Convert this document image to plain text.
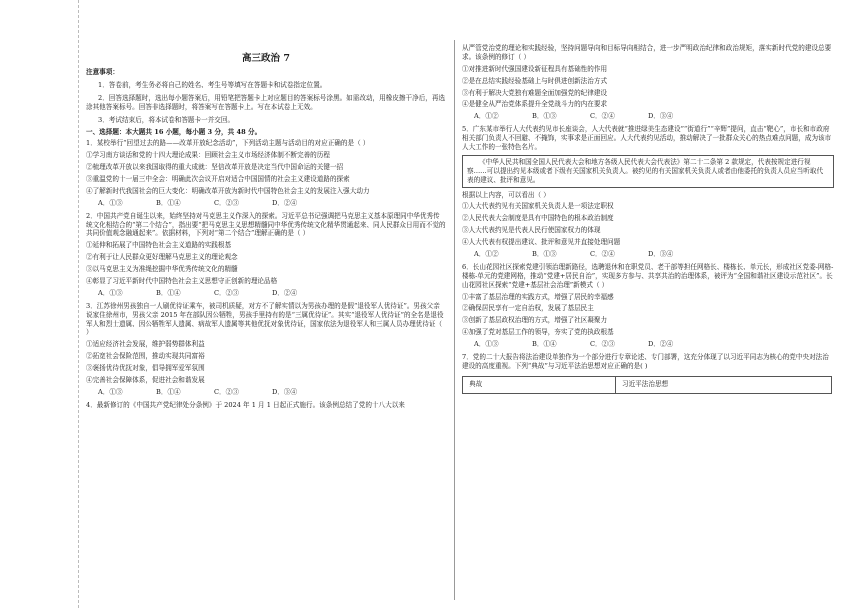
高三政治 7

注意事项：

1．答卷前，考生务必将自己的姓名、考生号等填写在答题卡和试卷指定位置。

2．回答选择题时，选出每小题答案后，用铅笔把答题卡上对应题目的答案标号涂黑。如需改动，用橡皮擦干净后，再选涂其他答案标号。回答非选择题时，将答案写在答题卡上。写在本试卷上无效。

3．考试结束后，将本试卷和答题卡一并交回。

一、选择题：本大题共 16 小题，每小题 3 分，共 48 分。

1．某校举行“回望过去的路——改革开放纪念活动”，下列活动主题与活动目的对应正确的是（ ）

①学习南方谈话和党的十四大理论成果：回顾社会主义市场经济体制不断完善的历程

②梳理改革开放以来我国取得的重大成就：坚信改革开放是决定当代中国命运的关键一招

③重温党的十一届三中全会：明确此次会议开启对适合中国国情的社会主义建设道路的探索

④了解新时代我国社会的巨大变化：明确改革开放为新时代中国特色社会主义的发展注入强大动力

A．①③	B．①④	C．②③	D．②④

2．中国共产党自诞生以来，始终坚持对马克思主义作深入的探索。习近平总书记强调把马克思主义基本原理同中华优秀传统文化相结合的“第二个结合”，指出要“把马克思主义思想精髓同中华优秀传统文化精华贯通起来、同人民群众日用而不觉的共同价值观念融通起来”。依据材料，下列对“第二个结合”理解正确的是（ ）

①延伸和拓展了中国特色社会主义道路的实践根基

②有利于让人民群众更好理解马克思主义的理论观念

③以马克思主义为准绳挖掘中华优秀传统文化的精髓

④彰显了习近平新时代中国特色社会主义思想守正创新的理论品格

A．①③	B．①④	C．②③	D．②④

3．江苏徐州男孩独自一人刷优待证乘车，被司机质疑，对方不了解实情以为男孩办理的是假“退役军人优待证”。男孩父亲说家住徐州市，男孩父亲 2015 年在部队因公牺牲，男孩手里持有的是“三属优待证”。其实“退役军人优待证”的全名是退役军人和烈士遗属、因公牺牲军人遗属、病故军人遗属等其他优抚对象优待证，国家依法为退役军人和三属人员办理优待证（ ）

①适应经济社会发展，维护弱势群体利益

②拓宽社会保险范围，推动实现共同富裕

③褒扬优待优抚对象，倡导拥军爱军氛围

④完善社会保障体系，促进社会和谐发展

A．①③	B．①④	C．②③	D．③④

4．最新修订的《中国共产党纪律处分条例》于 2024 年 1 月 1 日起正式施行。该条例总结了党的十八大以来

从严管党治党的理论和实践经验，坚持问题导向和目标导向相结合，进一步严明政治纪律和政治规矩，落实新时代党的建设总要求。该条例的修订（ ）

①对推进新时代强国建设新征程具有基础性的作用

②是在总结实践经验基础上与时俱进创新法治方式

③有利于解决大党独有难题全面加强党的纪律建设

④是健全从严治党体系提升全党战斗力的内在要求

A．①②	B．①③	C．②④	D．③④

5．广东某市举行人大代表约见市长座谈会，人大代表就“推进绿美生态建设”“街道行”“辛辉”提问，直击“靶心”，市长和市政府相关部门负责人不回避、不掩饰，实事求是正面回应。人大代表约见活动，推动解决了一批群众关心的热点难点问题，成为该市人大工作的一张特色名片。

《中华人民共和国全国人民代表大会和地方各级人民代表大会代表法》第二十二条第 2 款规定，代表按规定进行视察……可以提出约见本级或者下级有关国家机关负责人。被约见的有关国家机关负责人或者由他委托的负责人员应当听取代表的建议、批评和意见。

根据以上内容，可以看出（ ）

①人大代表约见有关国家机关负责人是一项法定职权

②人民代表大会制度是具有中国特色的根本政治制度

③人大代表约见是代表人民行使国家权力的体现

④人大代表有权提出建议、批评和意见并直接处理问题

A．①②	B．①③	C．②④	D．③④

6．长山花园社区探索党建引领治理新路径，选聘退休和在职党员、老干部等担任网格长、楼栋长、单元长，形成社区党委-网格-楼栋-单元的党建网格，推动“党建+居民自治”，实现多方参与、共享共治的治理体系，被评为“全国和谐社区建设示范社区”。长山花园社区探索“党建+基层社会治理”新模式（ ）

①丰富了基层治理的实践方式，增强了居民的幸福感

②确保居民享有一定自治权，发展了基层民主

③创新了基层政权治理的方式，增强了社区凝聚力

④加强了党对基层工作的领导，夯实了党的执政根基

A．①③	B．①④	C．②③	D．②④

7．党的二十大报告将法治建设单独作为一个部分进行专章论述、专门部署，这充分体现了以习近平同志为核心的党中央对法治建设的高度重视。下列“典故”与习近平法治思想对应正确的是( )

典故	习近平法治思想
